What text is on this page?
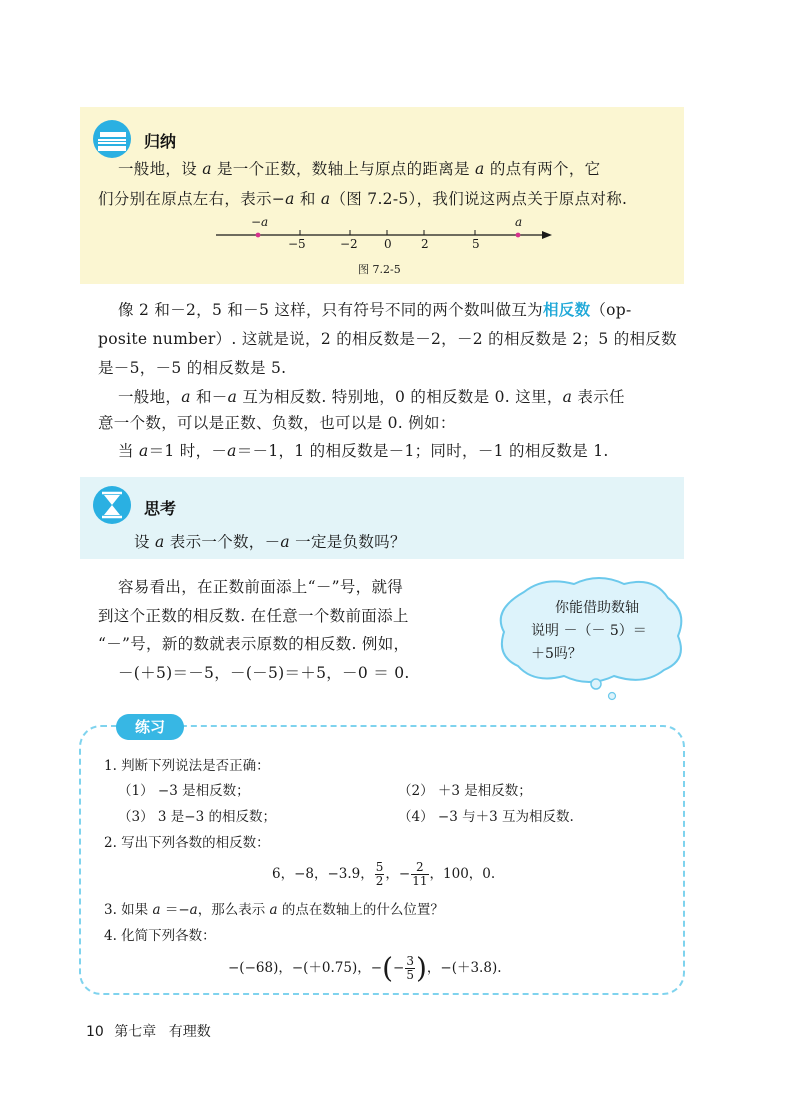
归纳
一般地，设 a 是一个正数，数轴上与原点的距离是 a 的点有两个，它
们分别在原点左右，表示−a 和 a（图 7.2-5），我们说这两点关于原点对称.
−a	a
−5	−2 0 2	5
图 7.2-5
像 2 和－2，5 和－5 这样，只有符号不同的两个数叫做互为相反数（op-
posite number）. 这就是说，2 的相反数是－2，－2 的相反数是 2；5 的相反数
是－5，－5 的相反数是 5.
一般地，a 和－a 互为相反数. 特别地，0 的相反数是 0. 这里，a 表示任
意一个数，可以是正数、负数，也可以是 0. 例如：
当 a＝1 时，－a＝－1，1 的相反数是－1；同时，－1 的相反数是 1.
思考
设 a 表示一个数，－a 一定是负数吗？
容易看出，在正数前面添上“－”号，就得
到这个正数的相反数. 在任意一个数前面添上
“－”号，新的数就表示原数的相反数. 例如，
－(＋5)＝－5，－(－5)＝＋5，－0 ＝ 0.
你能借助数轴
说明 －（－ 5）＝
＋5吗？
练习
1. 判断下列说法是否正确：
（1） −3 是相反数；	（2） ＋3 是相反数；
（3） 3 是−3 的相反数；	（4） −3 与＋3 互为相反数.
2. 写出下列各数的相反数：
6，−8，−3.9， $\frac{5}{2}$ ，− $\frac{2}{11}$ ，100，0.
3. 如果 a ＝−a，那么表示 a 的点在数轴上的什么位置？
4. 化简下列各数：
−(−68)，−(＋0.75)，−(− $\frac{3}{5}$ )，−(＋3.8).
10 第七章 有理数
